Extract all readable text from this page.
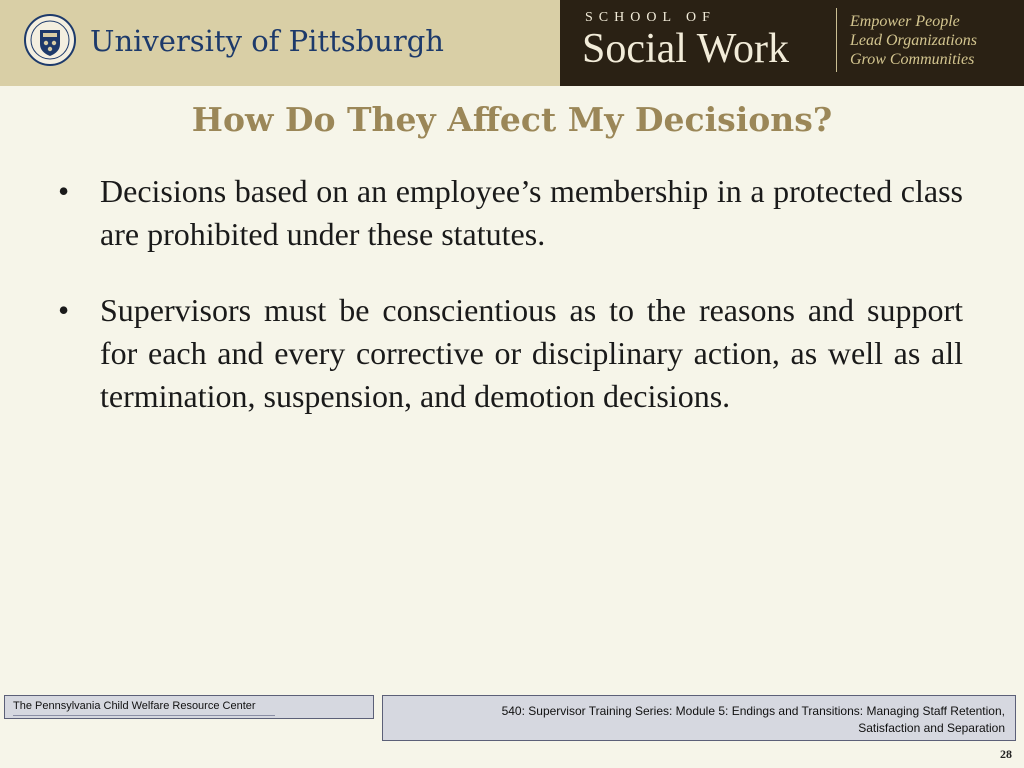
University of Pittsburgh
SCHOOL OF
Social Work
Empower People
Lead Organizations
Grow Communities
How Do They Affect My Decisions?
• Decisions based on an employee’s membership in a protected class are prohibited under these statutes.
• Supervisors must be conscientious as to the reasons and support for each and every corrective or disciplinary action, as well as all termination, suspension, and demotion decisions.
The Pennsylvania Child Welfare Resource Center	540: Supervisor Training Series: Module 5: Endings and Transitions: Managing Staff Retention,
Satisfaction and Separation
28
